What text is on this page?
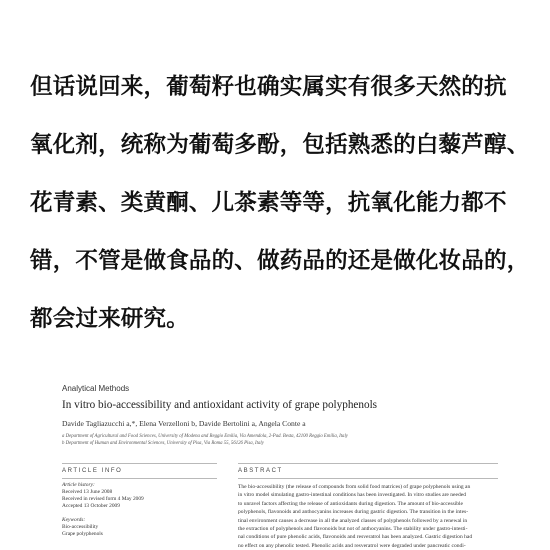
但话说回来，葡萄籽也确实属实有很多天然的抗
氧化剂，统称为葡萄多酚，包括熟悉的白藜芦醇、
花青素、类黄酮、儿茶素等等，抗氧化能力都不
错，不管是做食品的、做药品的还是做化妆品的，
都会过来研究。
Analytical Methods
In vitro bio-accessibility and antioxidant activity of grape polyphenols
Davide Tagliazucchi a,*, Elena Verzelloni b, Davide Bertolini a, Angela Conte a
a Department of Agricultural and Food Sciences, University of Modena and Reggio Emilia, Via Amendola, 2-Pad. Besta, 42100 Reggio Emilia, Italy
b Department of Human and Environmental Sciences, University of Pisa, Via Roma 55, 56126 Pisa, Italy
ARTICLE INFO	ABSTRACT
Article history:
Received 13 June 2008
Received in revised form 4 May 2009
Accepted 13 October 2009

Keywords:
Bio-accessibility
Grape polyphenols
The bio-accessibility (the release of compounds from solid food matrices) of grape polyphenols using an
in vitro model simulating gastro-intestinal conditions has been investigated. In vitro studies are needed
to unravel factors affecting the release of antioxidants during digestion. The amount of bio-accessible
polyphenols, flavonoids and anthocyanins increases during gastric digestion. The transition in the intes-
tinal environment causes a decrease in all the analyzed classes of polyphenols followed by a renewal in
the extraction of polyphenols and flavonoids but not of anthocyanins. The stability under gastro-intesti-
nal conditions of pure phenolic acids, flavonoids and resveratrol has been analyzed. Gastric digestion had
no effect on any phenolic tested. Phenolic acids and resveratrol were degraded under pancreatic condi-
